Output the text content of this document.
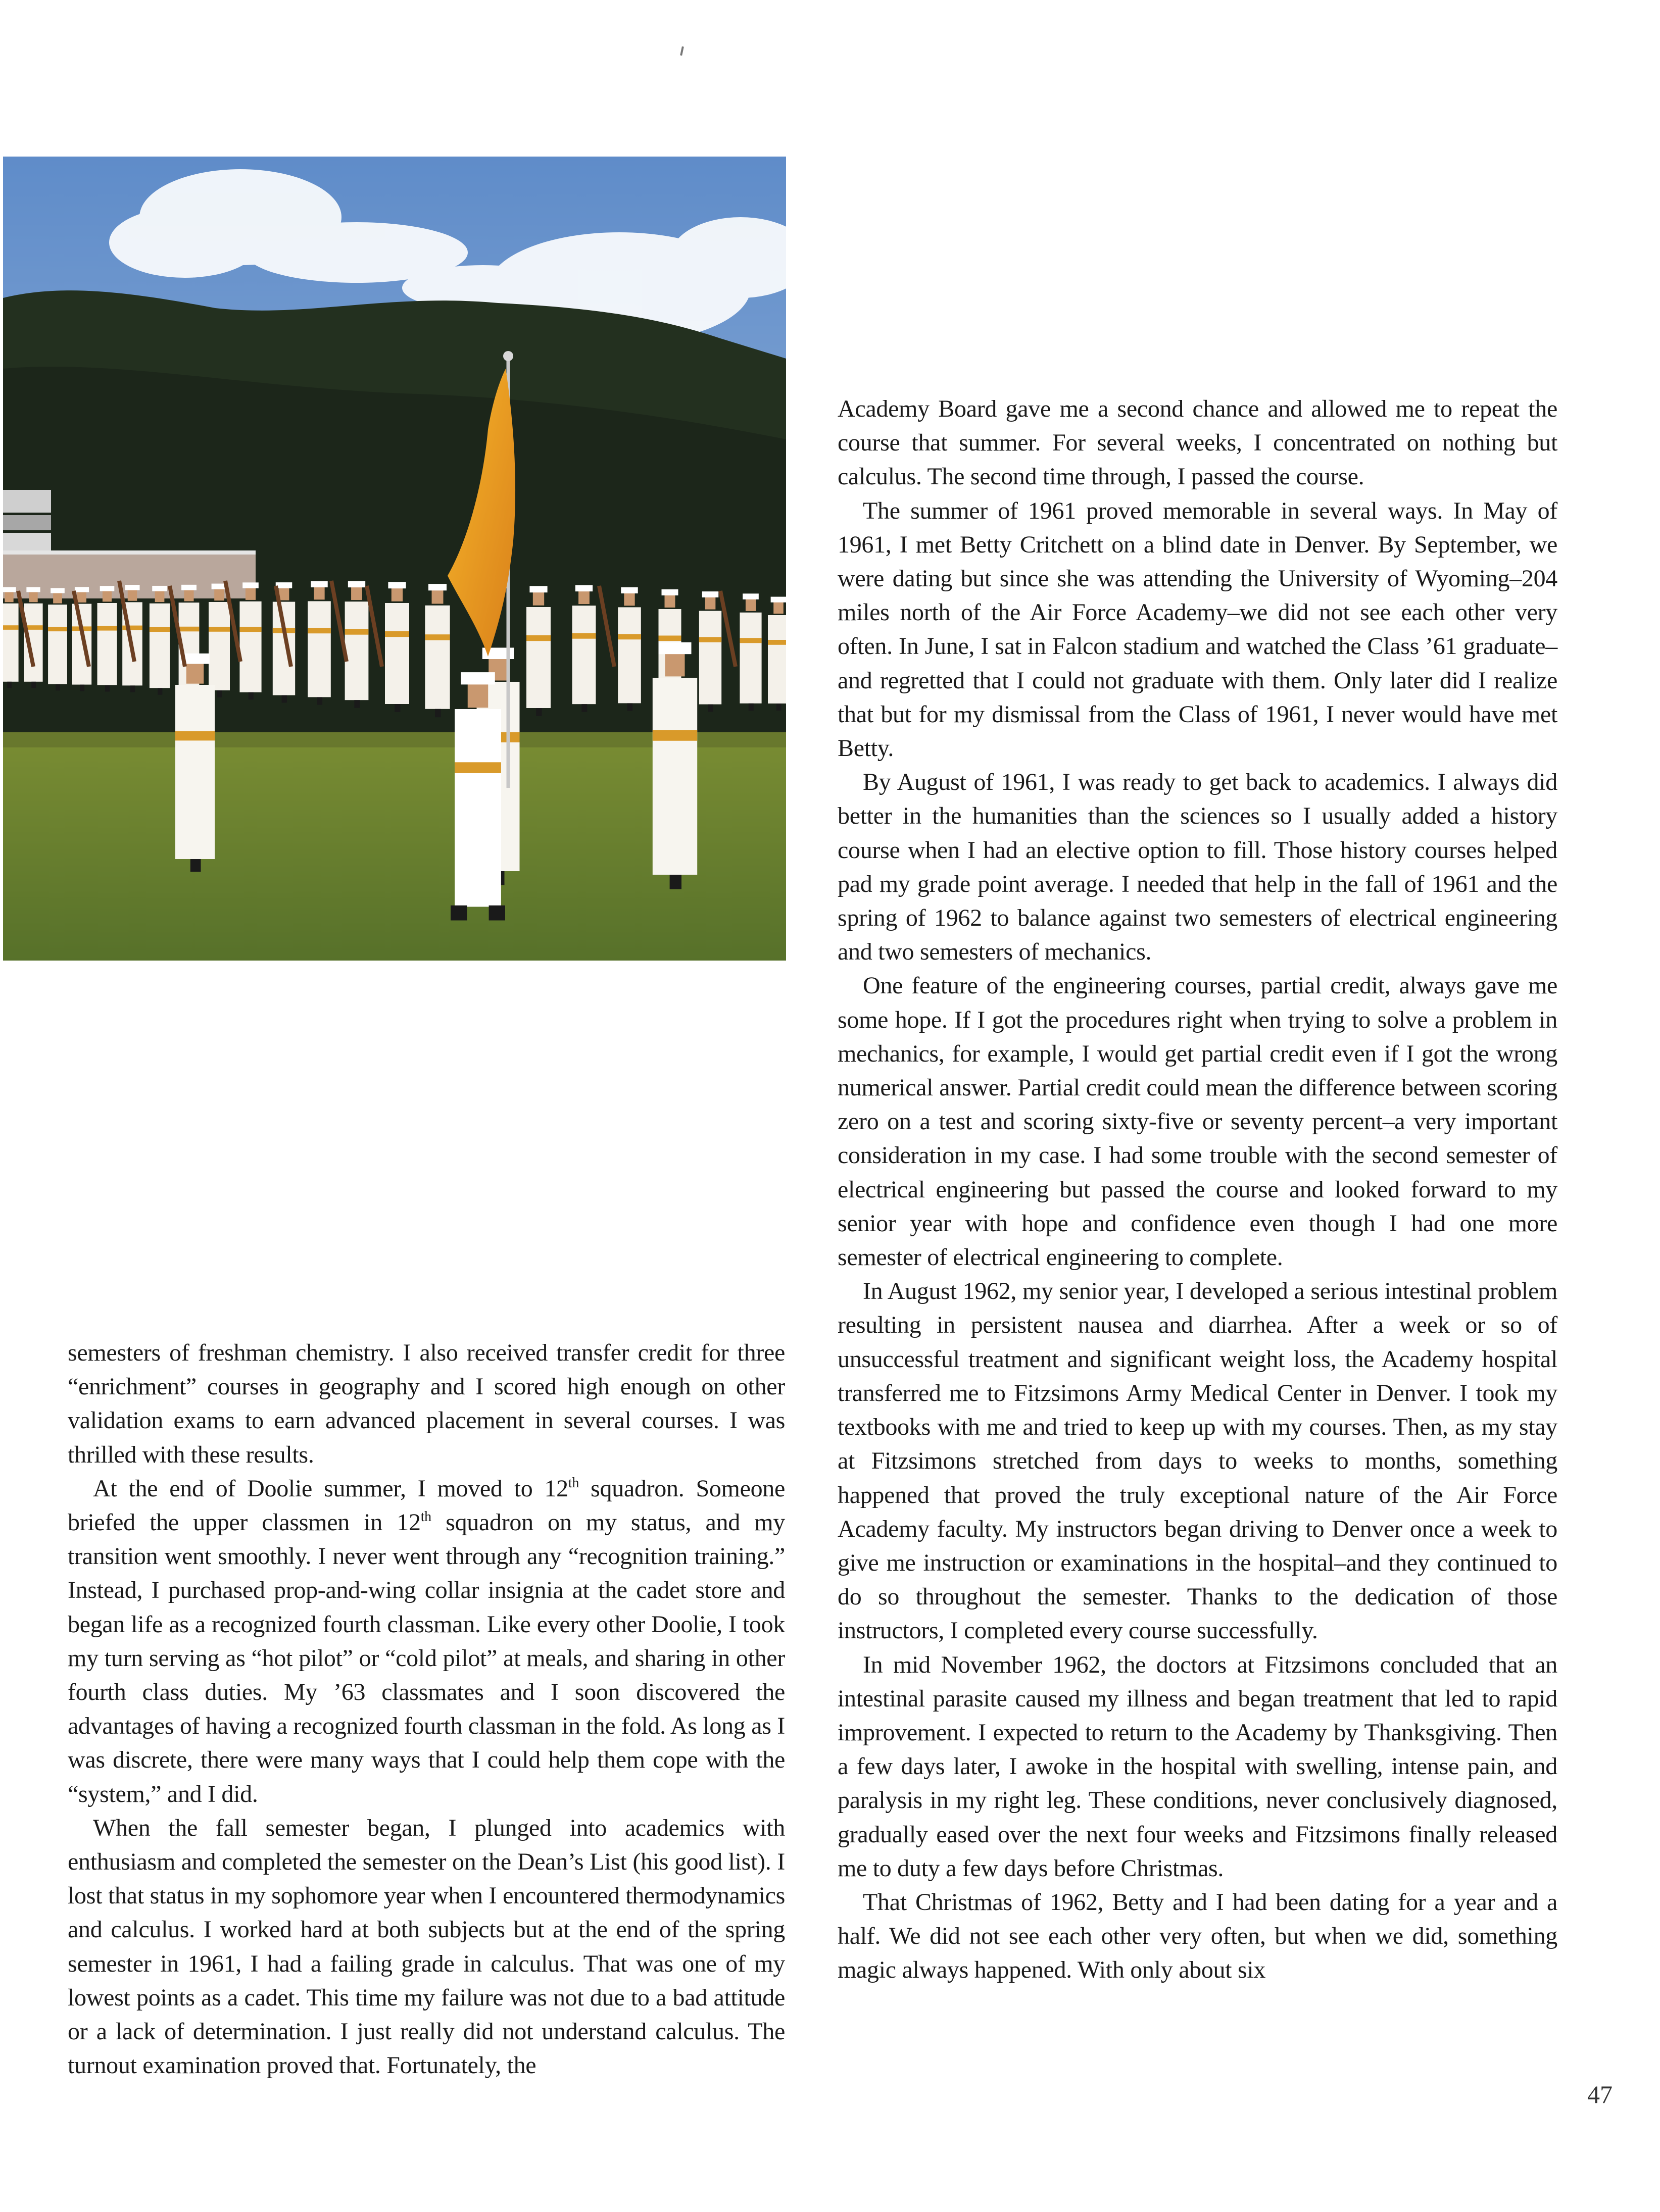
semesters of freshman chemistry. I also received transfer credit for three “enrichment” courses in geography and I scored high enough on other validation exams to earn advanced placement in several courses. I was thrilled with these results.

At the end of Doolie summer, I moved to 12th squadron. Someone briefed the upper classmen in 12th squadron on my status, and my transition went smoothly. I never went through any “recognition training.” Instead, I purchased prop-and-wing collar insignia at the cadet store and began life as a recognized fourth classman. Like every other Doolie, I took my turn serving as “hot pilot” or “cold pilot” at meals, and sharing in other fourth class duties. My ’63 classmates and I soon discovered the advantages of having a recognized fourth classman in the fold. As long as I was discrete, there were many ways that I could help them cope with the “system,” and I did.

When the fall semester began, I plunged into academics with enthusiasm and completed the semester on the Dean’s List (his good list). I lost that status in my sophomore year when I encountered thermodynamics and calculus. I worked hard at both subjects but at the end of the spring semester in 1961, I had a failing grade in calculus. That was one of my lowest points as a cadet. This time my failure was not due to a bad attitude or a lack of determination. I just really did not understand calculus. The turnout examination proved that. Fortunately, the

Academy Board gave me a second chance and allowed me to repeat the course that summer. For several weeks, I concentrated on nothing but calculus. The second time through, I passed the course.

The summer of 1961 proved memorable in several ways. In May of 1961, I met Betty Critchett on a blind date in Denver. By September, we were dating but since she was attending the University of Wyoming–204 miles north of the Air Force Academy–we did not see each other very often. In June, I sat in Falcon stadium and watched the Class ’61 graduate–and regretted that I could not graduate with them. Only later did I realize that but for my dismissal from the Class of 1961, I never would have met Betty.

By August of 1961, I was ready to get back to academics. I always did better in the humanities than the sciences so I usually added a history course when I had an elective option to fill. Those history courses helped pad my grade point average. I needed that help in the fall of 1961 and the spring of 1962 to balance against two semesters of electrical engineering and two semesters of mechanics.

One feature of the engineering courses, partial credit, always gave me some hope. If I got the procedures right when trying to solve a problem in mechanics, for example, I would get partial credit even if I got the wrong numerical answer. Partial credit could mean the difference between scoring zero on a test and scoring sixty-five or seventy percent–a very important consideration in my case. I had some trouble with the second semester of electrical engineering but passed the course and looked forward to my senior year with hope and confidence even though I had one more semester of electrical engineering to complete.

In August 1962, my senior year, I developed a serious intestinal problem resulting in persistent nausea and diarrhea. After a week or so of unsuccessful treatment and significant weight loss, the Academy hospital transferred me to Fitzsimons Army Medical Center in Denver. I took my textbooks with me and tried to keep up with my courses. Then, as my stay at Fitzsimons stretched from days to weeks to months, something happened that proved the truly exceptional nature of the Air Force Academy faculty. My instructors began driving to Denver once a week to give me instruction or examinations in the hospital–and they continued to do so throughout the semester. Thanks to the dedication of those instructors, I completed every course successfully.

In mid November 1962, the doctors at Fitzsimons concluded that an intestinal parasite caused my illness and began treatment that led to rapid improvement. I expected to return to the Academy by Thanksgiving. Then a few days later, I awoke in the hospital with swelling, intense pain, and paralysis in my right leg. These conditions, never conclusively diagnosed, gradually eased over the next four weeks and Fitzsimons finally released me to duty a few days before Christmas.

That Christmas of 1962, Betty and I had been dating for a year and a half. We did not see each other very often, but when we did, something magic always happened. With only about six

47
